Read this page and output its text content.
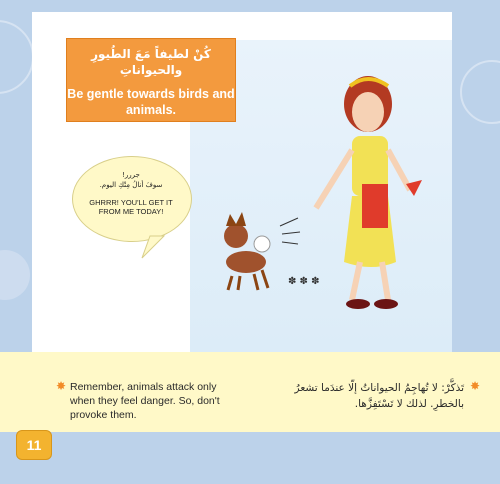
كُنْ لطيفاً مَعَ الطُيورِ والحيواناتِ
Be gentle towards birds and animals.
جررر!
سوفَ أنالُ مِنْكِ اليوم.
GHRRR! YOU'LL GET IT FROM ME TODAY!
✽ ✽ ✽
✸ Remember, animals attack only when they feel danger. So, don't provoke them.
✸
تَذكَّرْ: لا تُهاجِمُ الحيواناتُ إلّا عندَما تشعرُ بالخطرِ. لذلك لا تَسْتَفِزَّها.
11
